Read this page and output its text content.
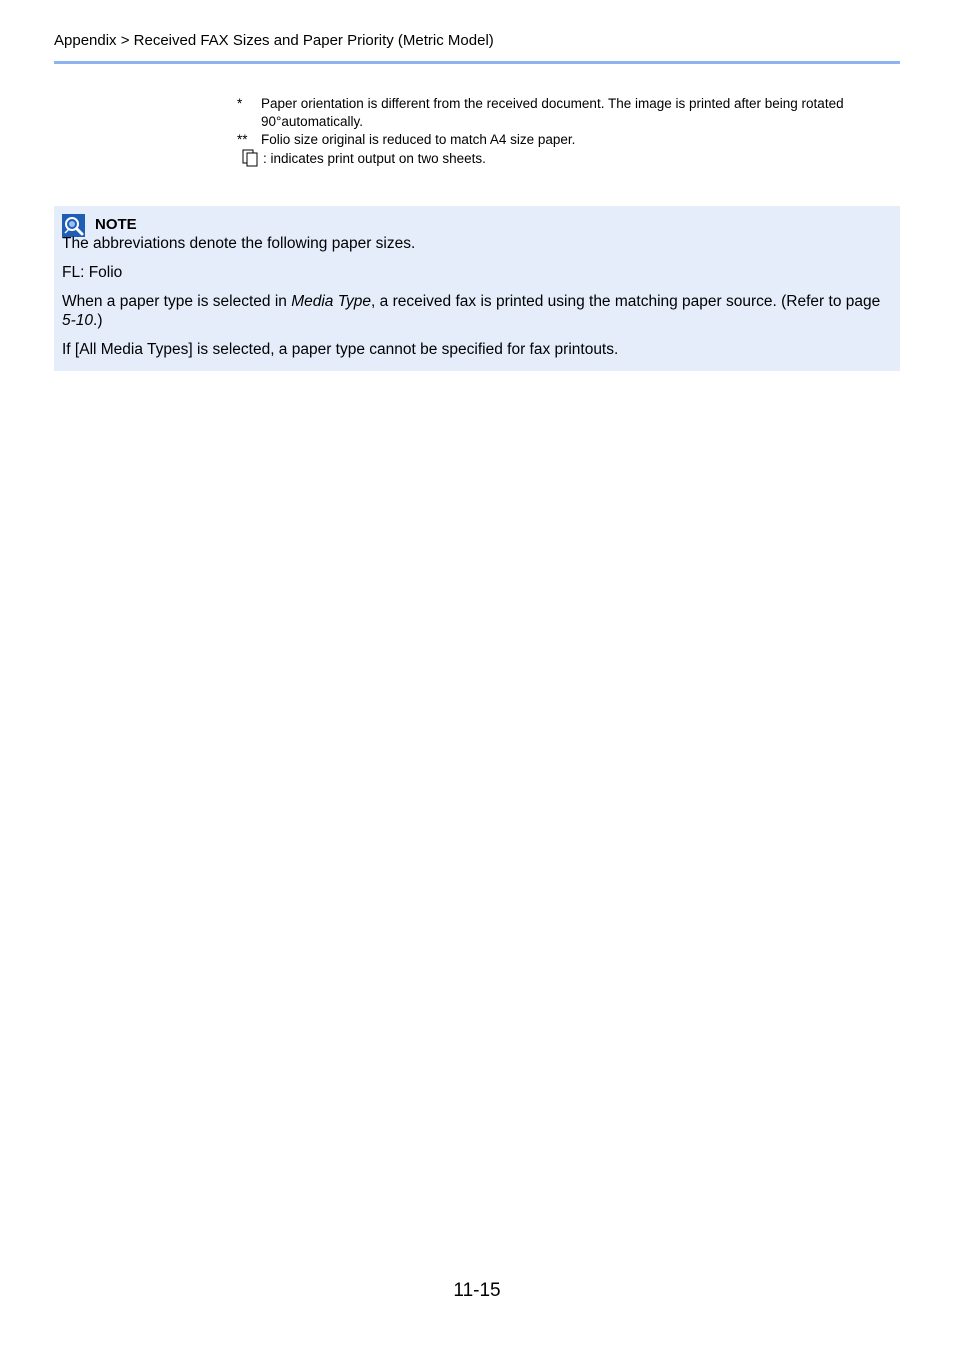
Appendix > Received FAX Sizes and Paper Priority (Metric Model)
* Paper orientation is different from the received document. The image is printed after being rotated 90°automatically.
** Folio size original is reduced to match A4 size paper.
: indicates print output on two sheets.
NOTE

The abbreviations denote the following paper sizes.

FL: Folio

When a paper type is selected in Media Type, a received fax is printed using the matching paper source. (Refer to page 5-10.)

If [All Media Types] is selected, a paper type cannot be specified for fax printouts.

11-15
